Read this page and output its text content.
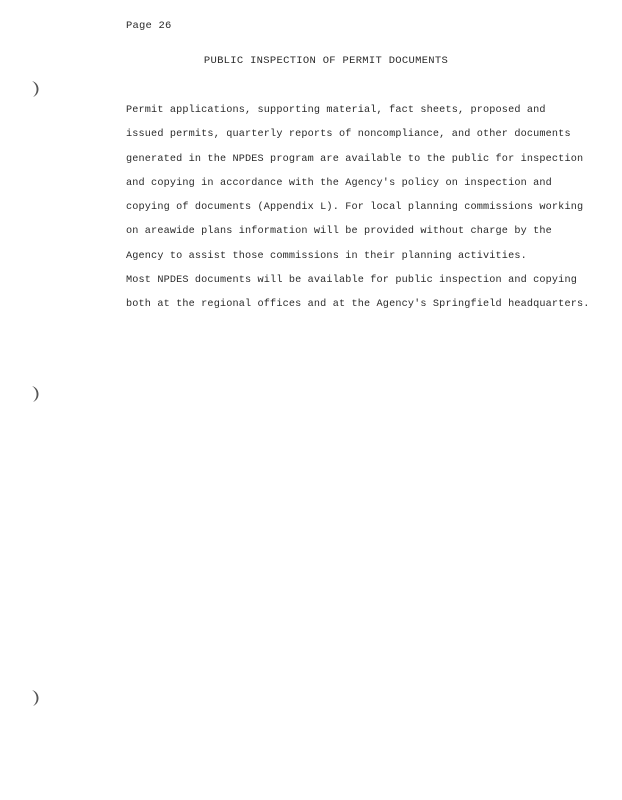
Page 26
PUBLIC INSPECTION OF PERMIT DOCUMENTS
Permit applications, supporting material, fact sheets, proposed and
issued permits, quarterly reports of noncompliance, and other documents
generated in the NPDES program are available to the public for inspection
and copying in accordance with the Agency's policy on inspection and
copying of documents (Appendix L). For local planning commissions working
on areawide plans information will be provided without charge by the
Agency to assist those commissions in their planning activities.
Most NPDES documents will be available for public inspection and copying
both at the regional offices and at the Agency's Springfield headquarters.
